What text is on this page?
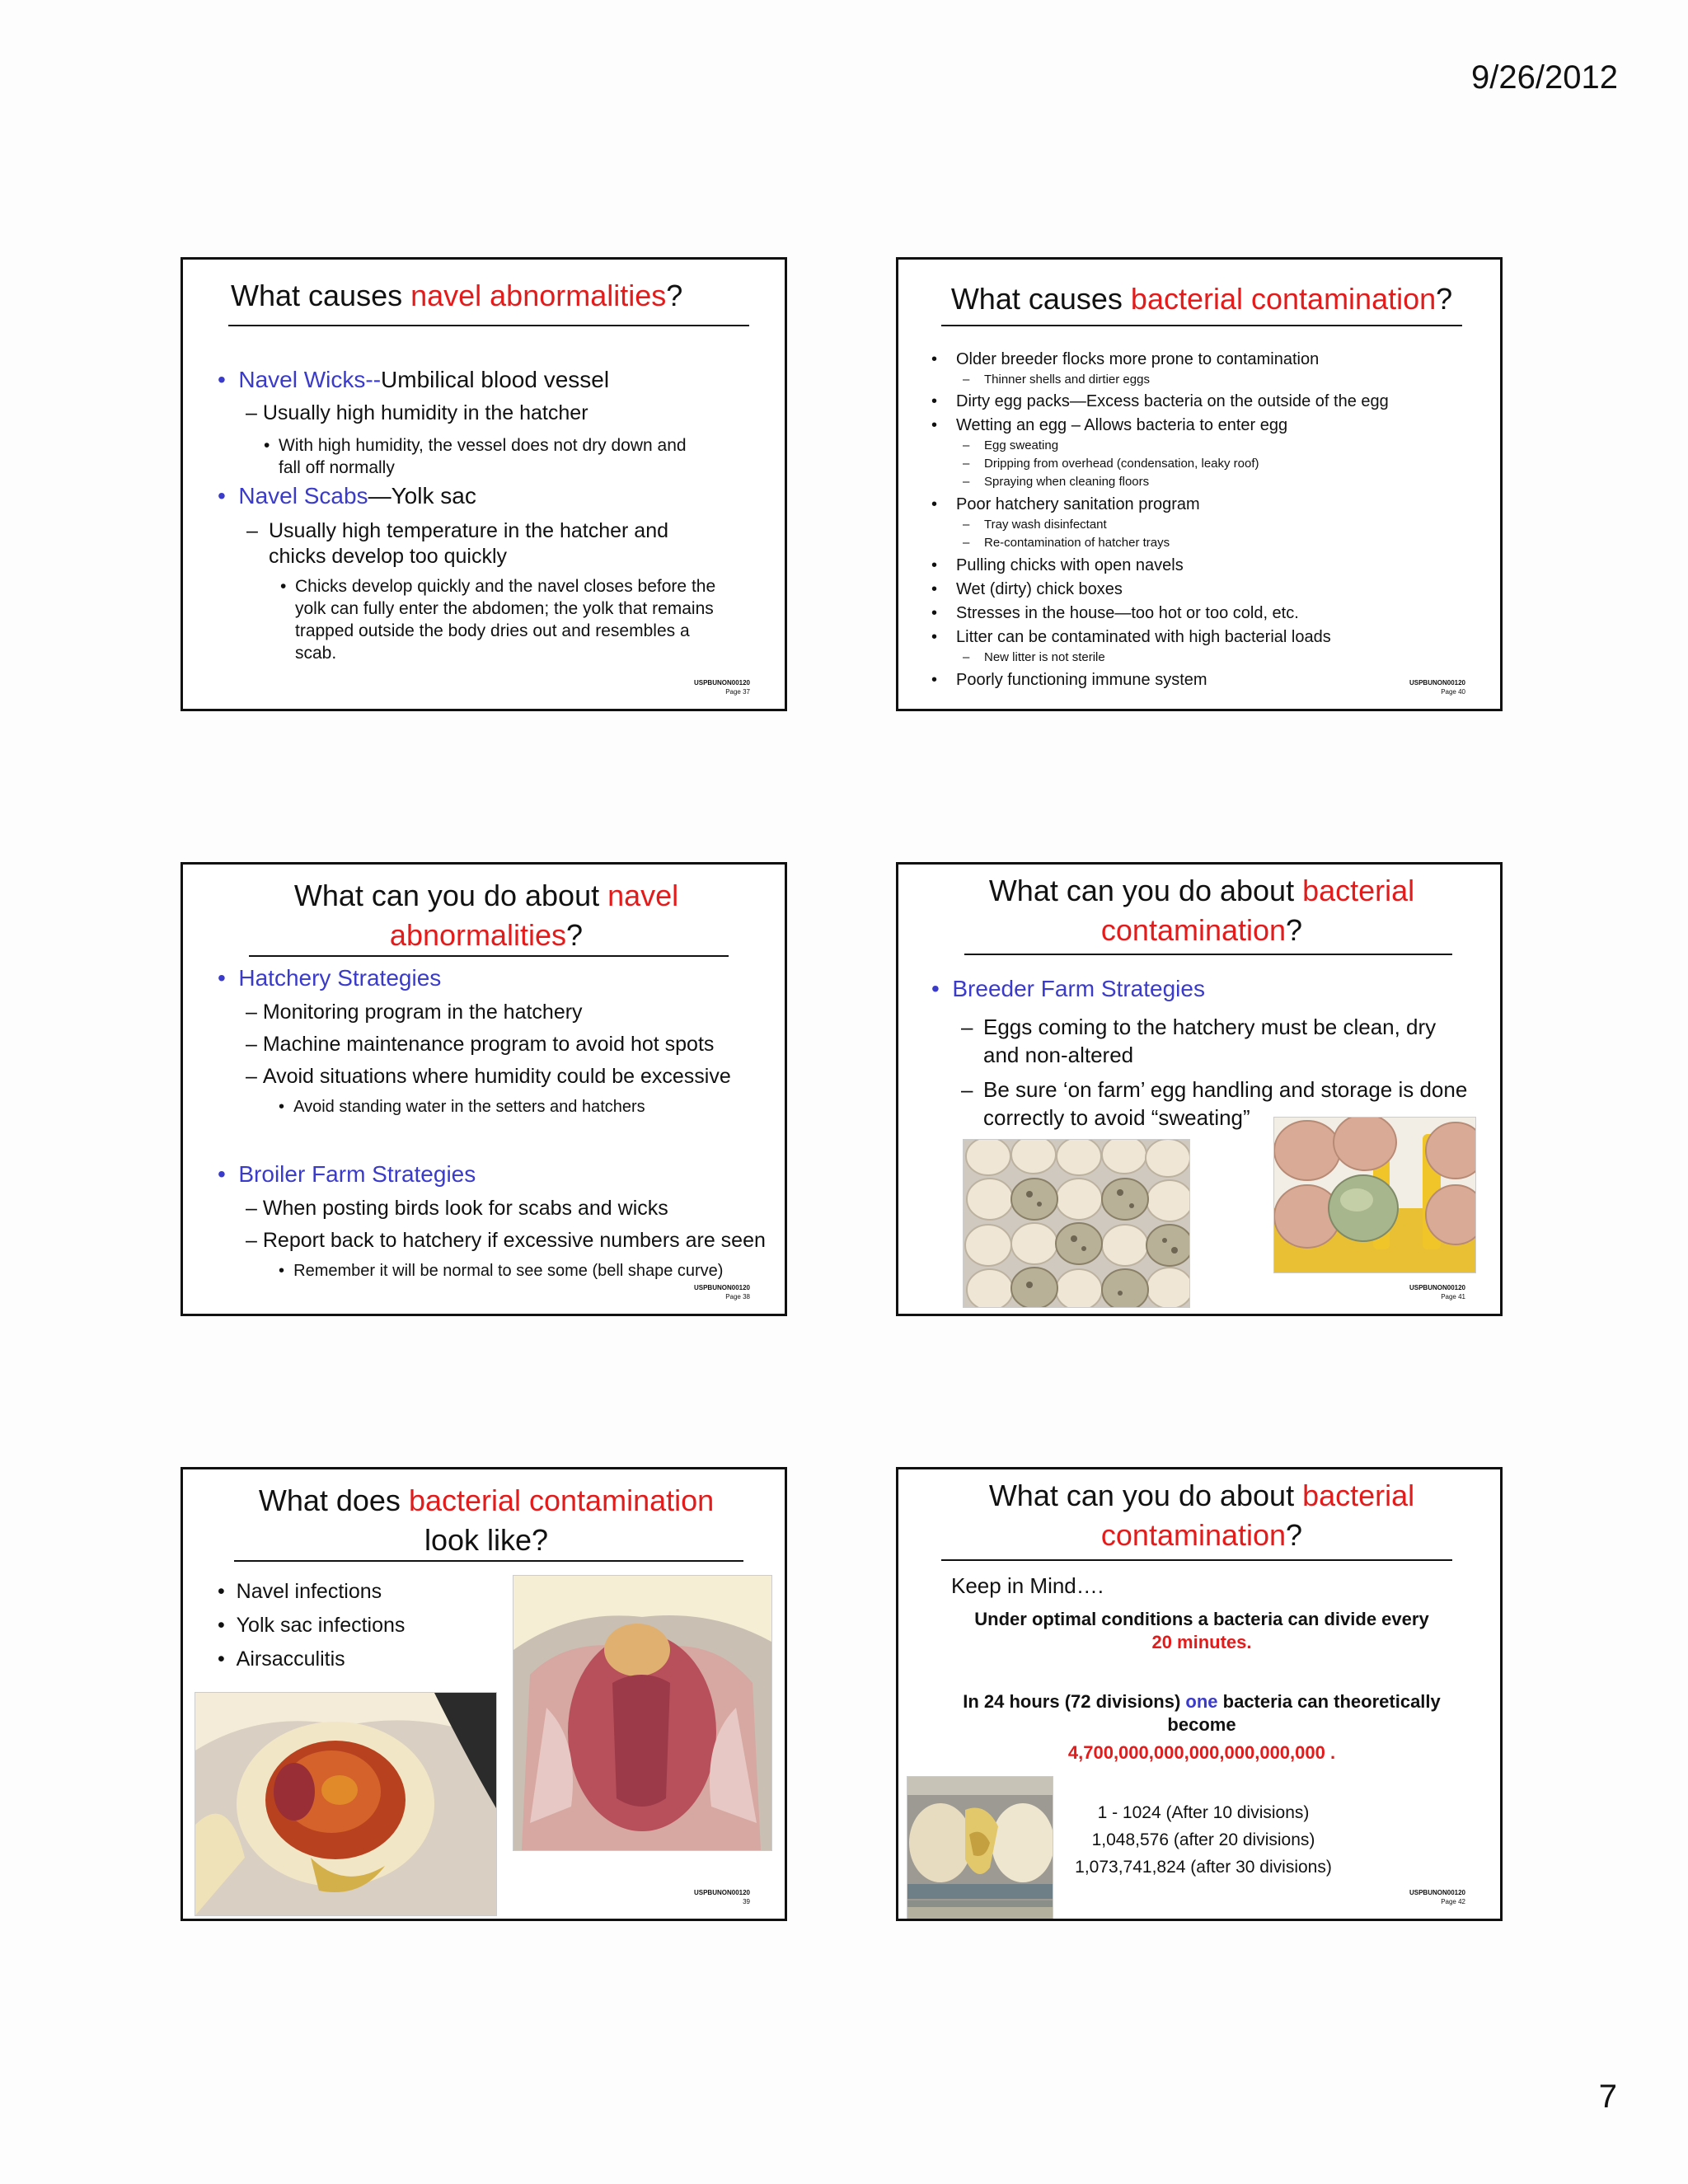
9/26/2012
What causes navel abnormalities?
•  Navel Wicks--Umbilical blood vessel
– Usually high humidity in the hatcher
• With high humidity, the vessel does not dry down and
fall off normally
•  Navel Scabs—Yolk sac
– Usually high temperature in the hatcher and
chicks develop too quickly
• Chicks develop quickly and the navel closes before the
yolk can fully enter the abdomen; the yolk that remains
trapped outside the body dries out and resembles a
scab.
USPBUNON00120
Page 37
What causes bacterial contamination?
• Older breeder flocks more prone to contamination
– Thinner shells and dirtier eggs
• Dirty egg packs—Excess bacteria on the outside of the egg
• Wetting an egg – Allows bacteria to enter egg
– Egg sweating
– Dripping from overhead (condensation, leaky roof)
– Spraying when cleaning floors
• Poor hatchery sanitation program
– Tray wash disinfectant
– Re-contamination of hatcher trays
• Pulling chicks with open navels
• Wet (dirty) chick boxes
• Stresses in the house—too hot or too cold, etc.
• Litter can be contaminated with high bacterial loads
– New litter is not sterile
• Poorly functioning immune system	USPBUNON00120
Page 40
What can you do about navel
abnormalities?
•  Hatchery Strategies
– Monitoring program in the hatchery
– Machine maintenance program to avoid hot spots
– Avoid situations where humidity could be excessive
•  Avoid standing water in the setters and hatchers
•  Broiler Farm Strategies
– When posting birds look for scabs and wicks
– Report back to hatchery if excessive numbers are seen
•  Remember it will be normal to see some (bell shape curve)
USPBUNON00120
Page 38
What can you do about bacterial
contamination?
•  Breeder Farm Strategies
– Eggs coming to the hatchery must be clean, dry
and non-altered
– Be sure ‘on farm’ egg handling and storage is done
correctly to avoid “sweating”
USPBUNON00120
Page 41
What does bacterial contamination
look like?
•  Navel infections
•  Yolk sac infections
•  Airsacculitis
USPBUNON00120
39
What can you do about bacterial
contamination?
Keep in Mind….
Under optimal conditions a bacteria can divide every
20 minutes.
In 24 hours (72 divisions) one bacteria can theoretically
become
4,700,000,000,000,000,000,000 .
1 - 1024 (After 10 divisions)
1,048,576 (after 20 divisions)
1,073,741,824 (after 30 divisions)
USPBUNON00120
Page 42
7
